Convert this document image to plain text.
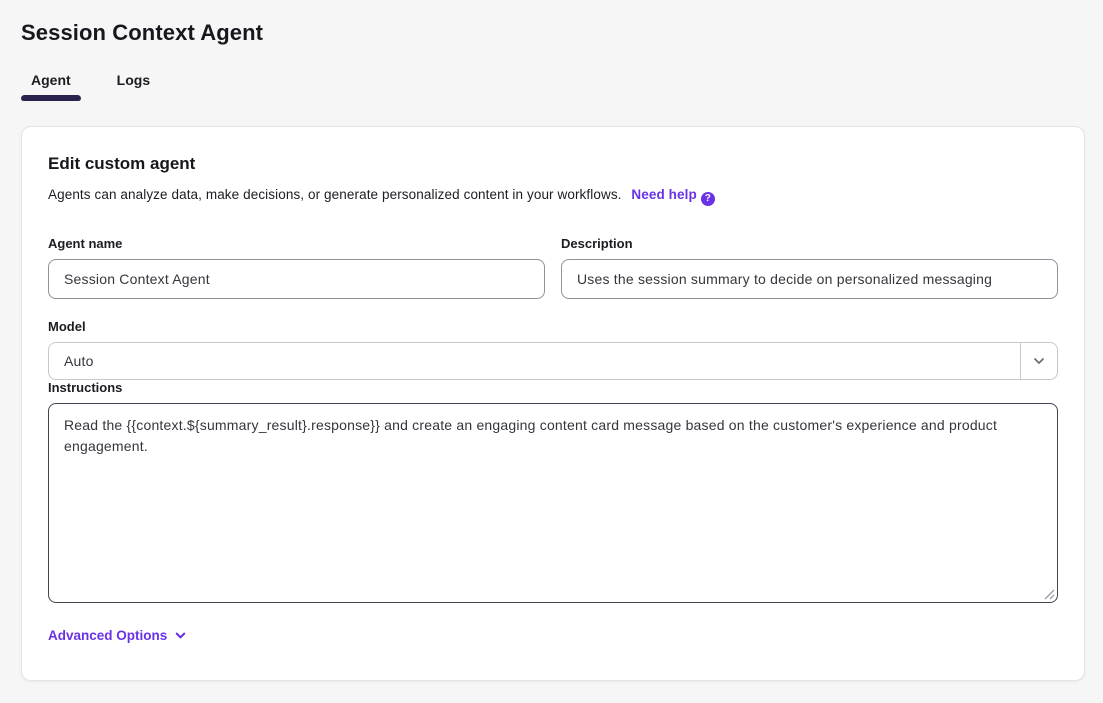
Session Context Agent
Agent	Logs
Edit custom agent
Agents can analyze data, make decisions, or generate personalized content in your workflows. Need help ?
Agent name
Session Context Agent	Description
Uses the session summary to decide on personalized messaging
Model
Auto
Instructions
Read the {{context.${summary_result}.response}} and create an engaging content card message based on the customer's experience and product engagement.
Advanced Options
